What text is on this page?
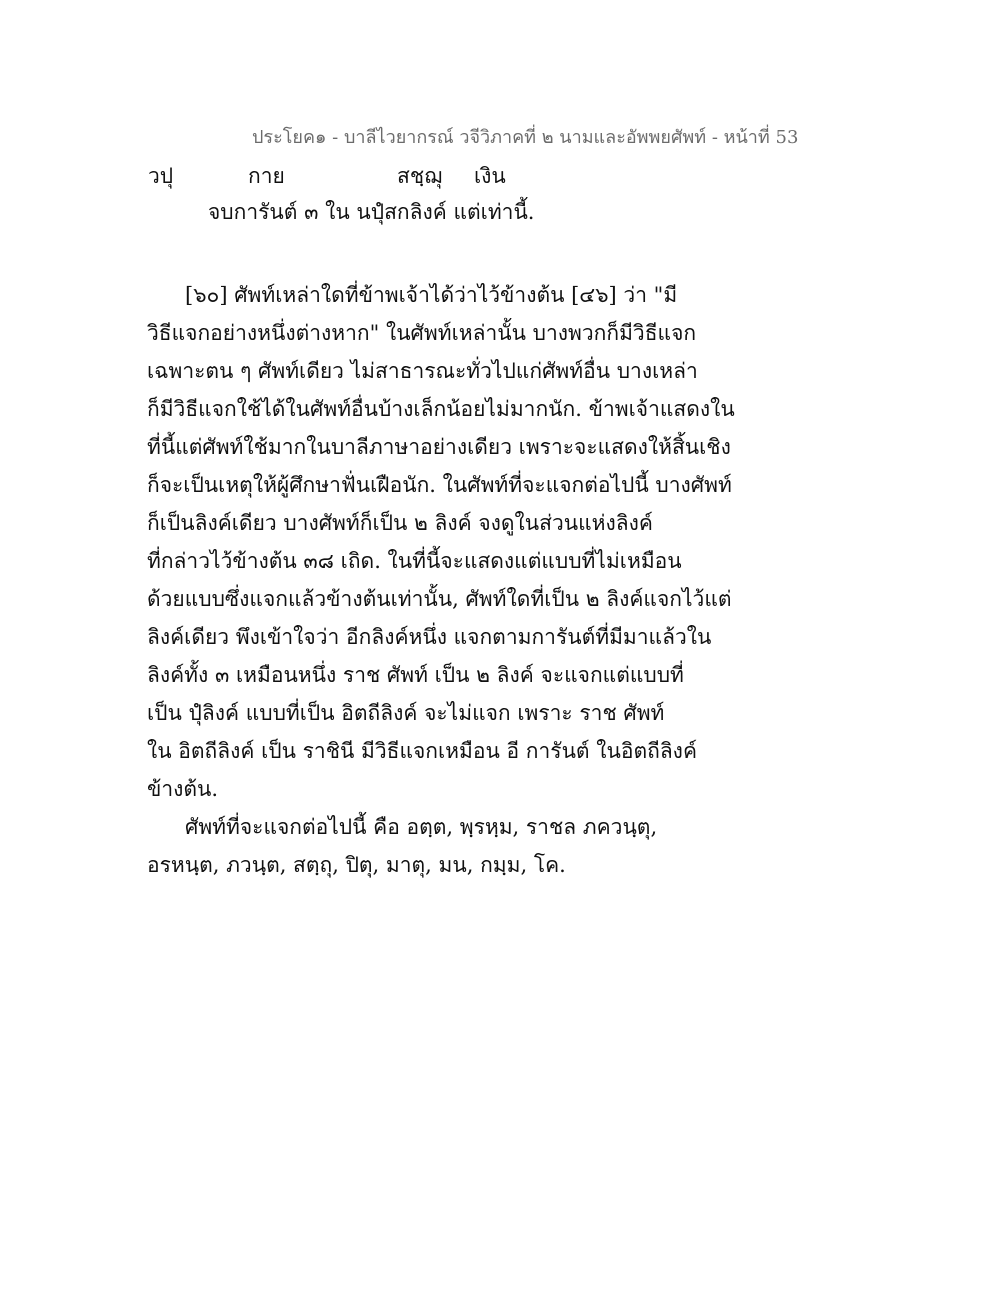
ประโยค๑ - บาลีไวยากรณ์ วจีวิภาคที่ ๒ นามและอัพพยศัพท์ - หน้าที่ 53
วปุ	กาย	สชฺฌุ เงิน
จบการันต์ ๓ ใน นปุํสกลิงค์ แต่เท่านี้.
[๖๐] ศัพท์เหล่าใดที่ข้าพเจ้าได้ว่าไว้ข้างต้น [๔๖] ว่า "มี
วิธีแจกอย่างหนึ่งต่างหาก" ในศัพท์เหล่านั้น บางพวกก็มีวิธีแจก
เฉพาะตน ๆ ศัพท์เดียว ไม่สาธารณะทั่วไปแก่ศัพท์อื่น บางเหล่า
ก็มีวิธีแจกใช้ได้ในศัพท์อื่นบ้างเล็กน้อยไม่มากนัก. ข้าพเจ้าแสดงใน
ที่นี้แต่ศัพท์ใช้มากในบาลีภาษาอย่างเดียว เพราะจะแสดงให้สิ้นเชิง
ก็จะเป็นเหตุให้ผู้ศึกษาฟั่นเฝือนัก. ในศัพท์ที่จะแจกต่อไปนี้ บางศัพท์
ก็เป็นลิงค์เดียว บางศัพท์ก็เป็น ๒ ลิงค์ จงดูในส่วนแห่งลิงค์
ที่กล่าวไว้ข้างต้น ๓๘ เถิด. ในที่นี้จะแสดงแต่แบบที่ไม่เหมือน
ด้วยแบบซึ่งแจกแล้วข้างต้นเท่านั้น, ศัพท์ใดที่เป็น ๒ ลิงค์แจกไว้แต่
ลิงค์เดียว พึงเข้าใจว่า อีกลิงค์หนึ่ง แจกตามการันต์ที่มีมาแล้วใน
ลิงค์ทั้ง ๓ เหมือนหนึ่ง ราช ศัพท์ เป็น ๒ ลิงค์ จะแจกแต่แบบที่
เป็น ปุํลิงค์ แบบที่เป็น อิตถีลิงค์ จะไม่แจก เพราะ ราช ศัพท์
ใน อิตถีลิงค์ เป็น ราชินี มีวิธีแจกเหมือน อี การันต์ ในอิตถีลิงค์
ข้างต้น.
ศัพท์ที่จะแจกต่อไปนี้ คือ อตฺต, พฺรหฺม, ราชล ภควนฺตุ,
อรหนฺต, ภวนฺต, สตฺถุ, ปิตุ, มาตุ, มน, กมฺม, โค.
